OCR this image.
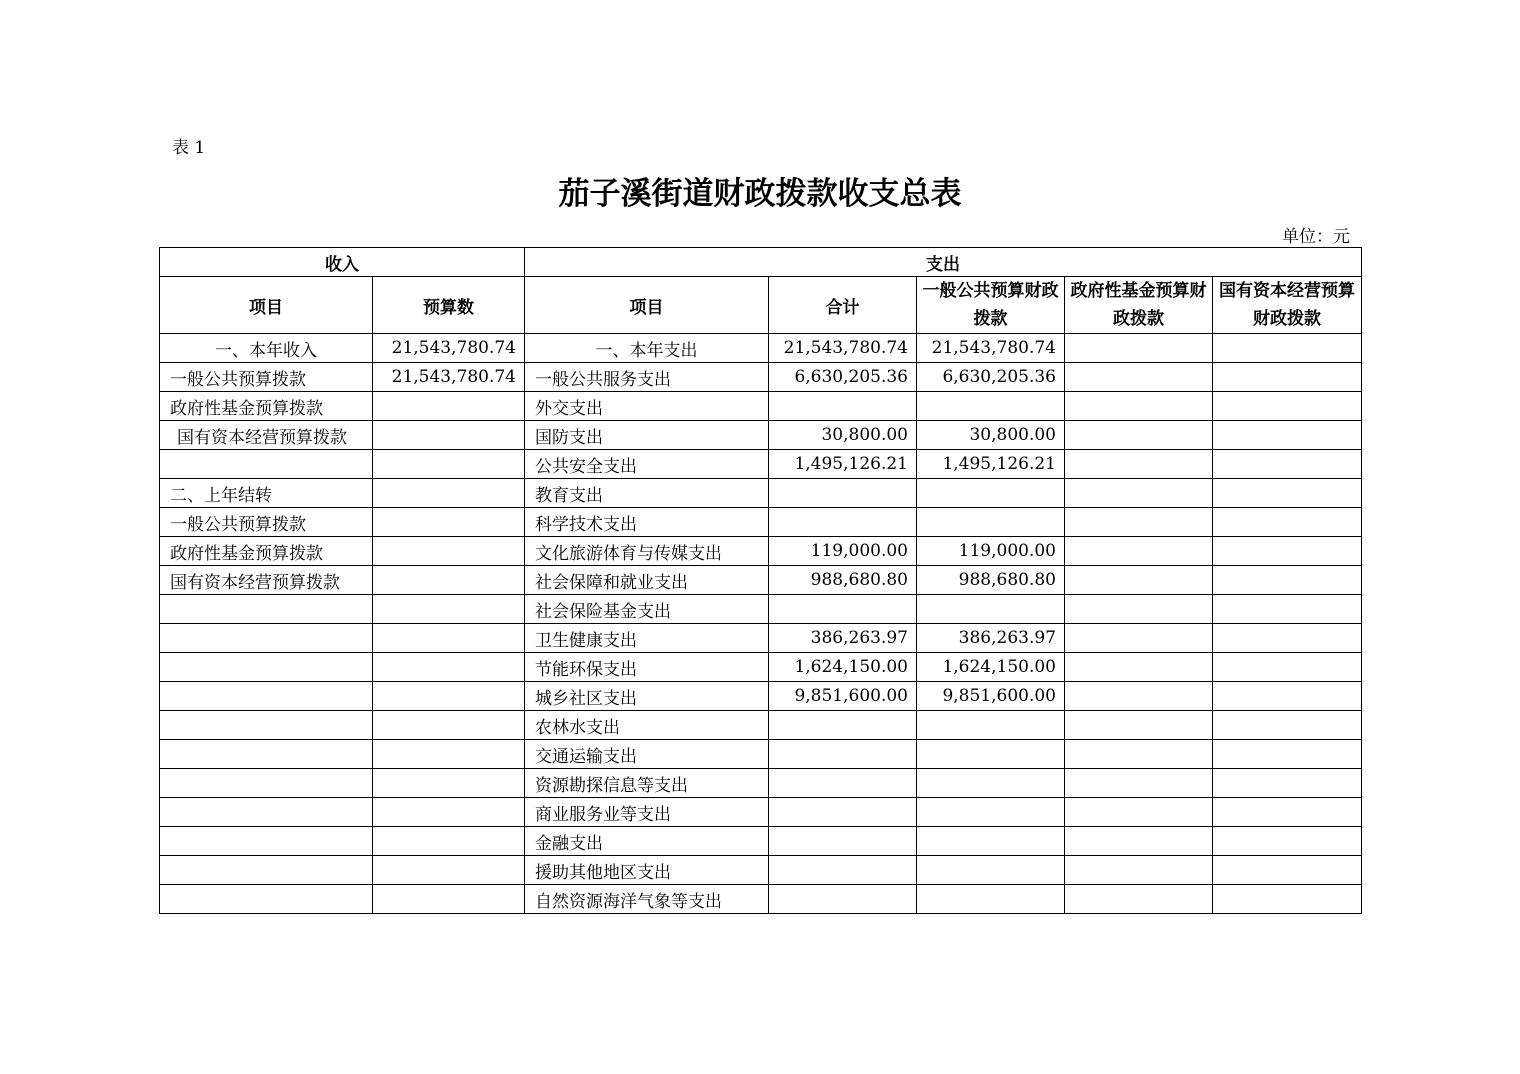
表 1
茄子溪街道财政拨款收支总表
单位：元
收入		支出				
项目	预算数	项目	合计	一般公共预算财政拨款	政府性基金预算财政拨款	国有资本经营预算财政拨款
一、本年收入	21,543,780.74	一、本年支出	21,543,780.74	21,543,780.74		
一般公共预算拨款	21,543,780.74	一般公共服务支出	6,630,205.36	6,630,205.36		
政府性基金预算拨款		外交支出				
国有资本经营预算拨款		国防支出	30,800.00	30,800.00		
		公共安全支出	1,495,126.21	1,495,126.21		
二、上年结转		教育支出				
一般公共预算拨款		科学技术支出				
政府性基金预算拨款		文化旅游体育与传媒支出	119,000.00	119,000.00		
国有资本经营预算拨款		社会保障和就业支出	988,680.80	988,680.80		
		社会保险基金支出				
		卫生健康支出	386,263.97	386,263.97		
		节能环保支出	1,624,150.00	1,624,150.00		
		城乡社区支出	9,851,600.00	9,851,600.00		
		农林水支出				
		交通运输支出				
		资源勘探信息等支出				
		商业服务业等支出				
		金融支出				
		援助其他地区支出				
		自然资源海洋气象等支出				
